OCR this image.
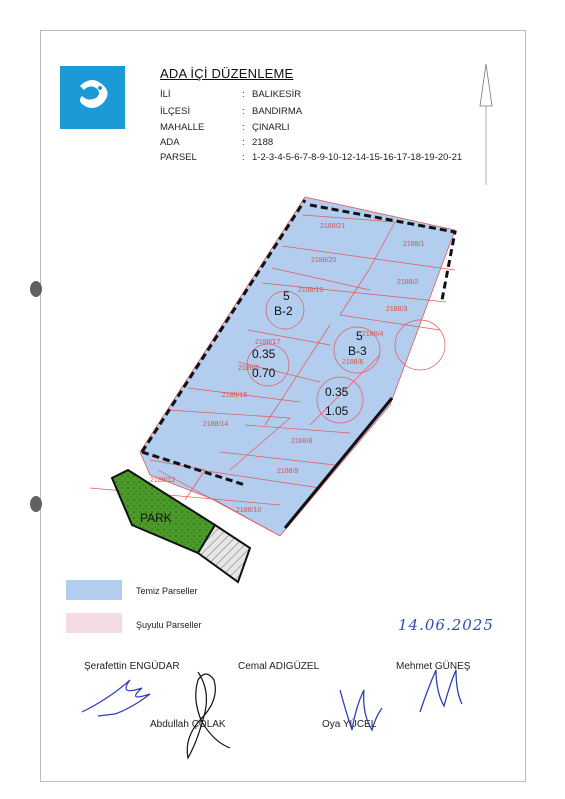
ADA İÇİ DÜZENLEME
İLİ	: BALIKESİR
İLÇESİ	: BANDIRMA
MAHALLE	: ÇINARLI
ADA	: 2188
PARSEL	: 1-2-3-4-5-6-7-8-9-10-12-14-15-16-17-18-19-20-21
2188/21
2188/1
2188/20
2188/2
2188/19
2188/3
2188/4
2188/17
2188/6
2188/5
2188/15
2188/14
2188/8
2188/9
2188/10
2188/12
5
B-2
0.35
0.70
5
B-3
0.35
1.05
PARK
Temiz Parseller
Şuyulu Parseller	14.06.2025
Şerafettin ENGÜDAR	Cemal ADIGÜZEL	Mehmet GÜNEŞ
Abdullah ÇOLAK	Oya YÜCEL
